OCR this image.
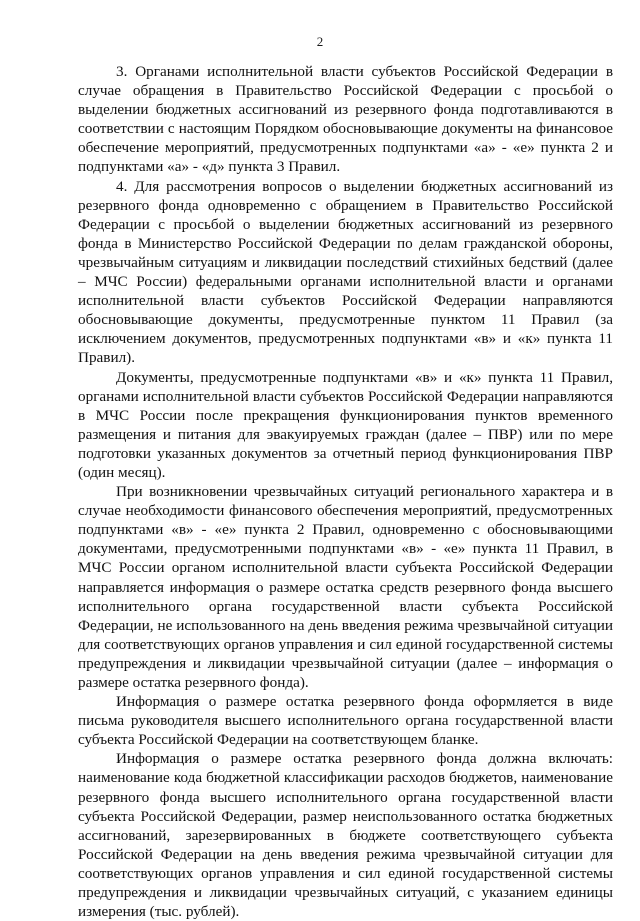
2

3. Органами исполнительной власти субъектов Российской Федерации в случае обращения в Правительство Российской Федерации с просьбой о выделении бюджетных ассигнований из резервного фонда подготавливаются в соответствии с настоящим Порядком обосновывающие документы на финансовое обеспечение мероприятий, предусмотренных подпунктами «а» - «е» пункта 2 и подпунктами «а» - «д» пункта 3 Правил.

4. Для рассмотрения вопросов о выделении бюджетных ассигнований из резервного фонда одновременно с обращением в Правительство Российской Федерации с просьбой о выделении бюджетных ассигнований из резервного фонда в Министерство Российской Федерации по делам гражданской обороны, чрезвычайным ситуациям и ликвидации последствий стихийных бедствий (далее – МЧС России) федеральными органами исполнительной власти и органами исполнительной власти субъектов Российской Федерации направляются обосновывающие документы, предусмотренные пунктом 11 Правил (за исключением документов, предусмотренных подпунктами «в» и «к» пункта 11 Правил).

Документы, предусмотренные подпунктами «в» и «к» пункта 11 Правил, органами исполнительной власти субъектов Российской Федерации направляются в МЧС России после прекращения функционирования пунктов временного размещения и питания для эвакуируемых граждан (далее – ПВР) или по мере подготовки указанных документов за отчетный период функционирования ПВР (один месяц).

При возникновении чрезвычайных ситуаций регионального характера и в случае необходимости финансового обеспечения мероприятий, предусмотренных подпунктами «в» - «е» пункта 2 Правил, одновременно с обосновывающими документами, предусмотренными подпунктами «в» - «е» пункта 11 Правил, в МЧС России органом исполнительной власти субъекта Российской Федерации направляется информация о размере остатка средств резервного фонда высшего исполнительного органа государственной власти субъекта Российской Федерации, не использованного на день введения режима чрезвычайной ситуации для соответствующих органов управления и сил единой государственной системы предупреждения и ликвидации чрезвычайной ситуации (далее – информация о размере остатка резервного фонда).

Информация о размере остатка резервного фонда оформляется в виде письма руководителя высшего исполнительного органа государственной власти субъекта Российской Федерации на соответствующем бланке.

Информация о размере остатка резервного фонда должна включать: наименование кода бюджетной классификации расходов бюджетов, наименование резервного фонда высшего исполнительного органа государственной власти субъекта Российской Федерации, размер неиспользованного остатка бюджетных ассигнований, зарезервированных в бюджете соответствующего субъекта Российской Федерации на день введения режима чрезвычайной ситуации для соответствующих органов управления и сил единой государственной системы предупреждения и ликвидации чрезвычайных ситуаций, с указанием единицы измерения (тыс. рублей).
